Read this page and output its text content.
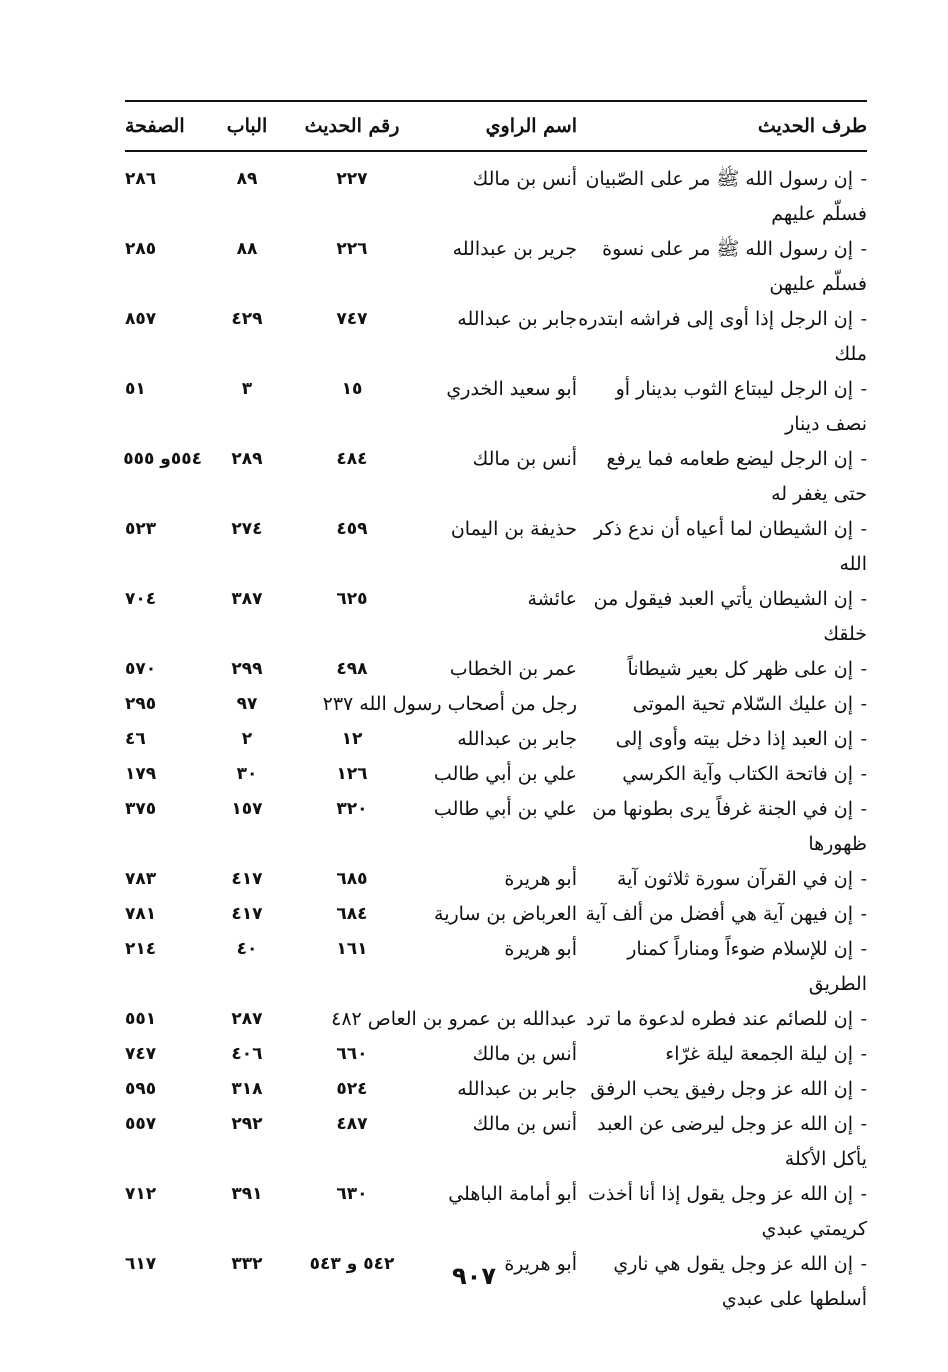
طرف الحديث
اسم الراوي
رقم الحديث
الباب
الصفحة
-إن رسول الله ﷺ مر على الصّبيان فسلّم عليهم
أنس بن مالك
٢٢٧
٨٩
٢٨٦
-إن رسول الله ﷺ مر على نسوة فسلّم عليهن
جرير بن عبدالله
٢٢٦
٨٨
٢٨٥
-إن الرجل إذا أوى إلى فراشه ابتدره ملك
جابر بن عبدالله
٧٤٧
٤٢٩
٨٥٧
-إن الرجل ليبتاع الثوب بدينار أو نصف دينار
أبو سعيد الخدري
١٥
٣
٥١
-إن الرجل ليضع طعامه فما يرفع حتى يغفر له
أنس بن مالك
٤٨٤
٢٨٩
٥٥٤و ٥٥٥
-إن الشيطان لما أعياه أن ندع ذكر الله
حذيفة بن اليمان
٤٥٩
٢٧٤
٥٢٣
-إن الشيطان يأتي العبد فيقول من خلقك
عائشة
٦٢٥
٣٨٧
٧٠٤
-إن على ظهر كل بعير شيطاناً
عمر بن الخطاب
٤٩٨
٢٩٩
٥٧٠
-إن عليك السّلام تحية الموتى
رجل من أصحاب رسول الله ٢٣٧
٩٧
٢٩٥
-إن العبد إذا دخل بيته وأوى إلى
جابر بن عبدالله
١٢
٢
٤٦
-إن فاتحة الكتاب وآية الكرسي
علي بن أبي طالب
١٢٦
٣٠
١٧٩
-إن في الجنة غرفاً يرى بطونها من ظهورها
علي بن أبي طالب
٣٢٠
١٥٧
٣٧٥
-إن في القرآن سورة ثلاثون آية
أبو هريرة
٦٨٥
٤١٧
٧٨٣
-إن فيهن آية هي أفضل من ألف آية
العرباض بن سارية
٦٨٤
٤١٧
٧٨١
-إن للإسلام ضوءاً ومناراً كمنار الطريق
أبو هريرة
١٦١
٤٠
٢١٤
-إن للصائم عند فطره لدعوة ما ترد
عبدالله بن عمرو بن العاص ٤٨٢
٢٨٧
٥٥١
-إن ليلة الجمعة ليلة غرّاء
أنس بن مالك
٦٦٠
٤٠٦
٧٤٧
-إن الله عز وجل رفيق يحب الرفق
جابر بن عبدالله
٥٢٤
٣١٨
٥٩٥
-إن الله عز وجل ليرضى عن العبد يأكل الأكلة
أنس بن مالك
٤٨٧
٢٩٢
٥٥٧
-إن الله عز وجل يقول إذا أنا أخذت كريمتي عبدي
أبو أمامة الباهلي
٦٣٠
٣٩١
٧١٢
-إن الله عز وجل يقول هي ناري أسلطها على عبدي
أبو هريرة
٥٤٢ و ٥٤٣
٣٣٢
٦١٧	٩٠٧
